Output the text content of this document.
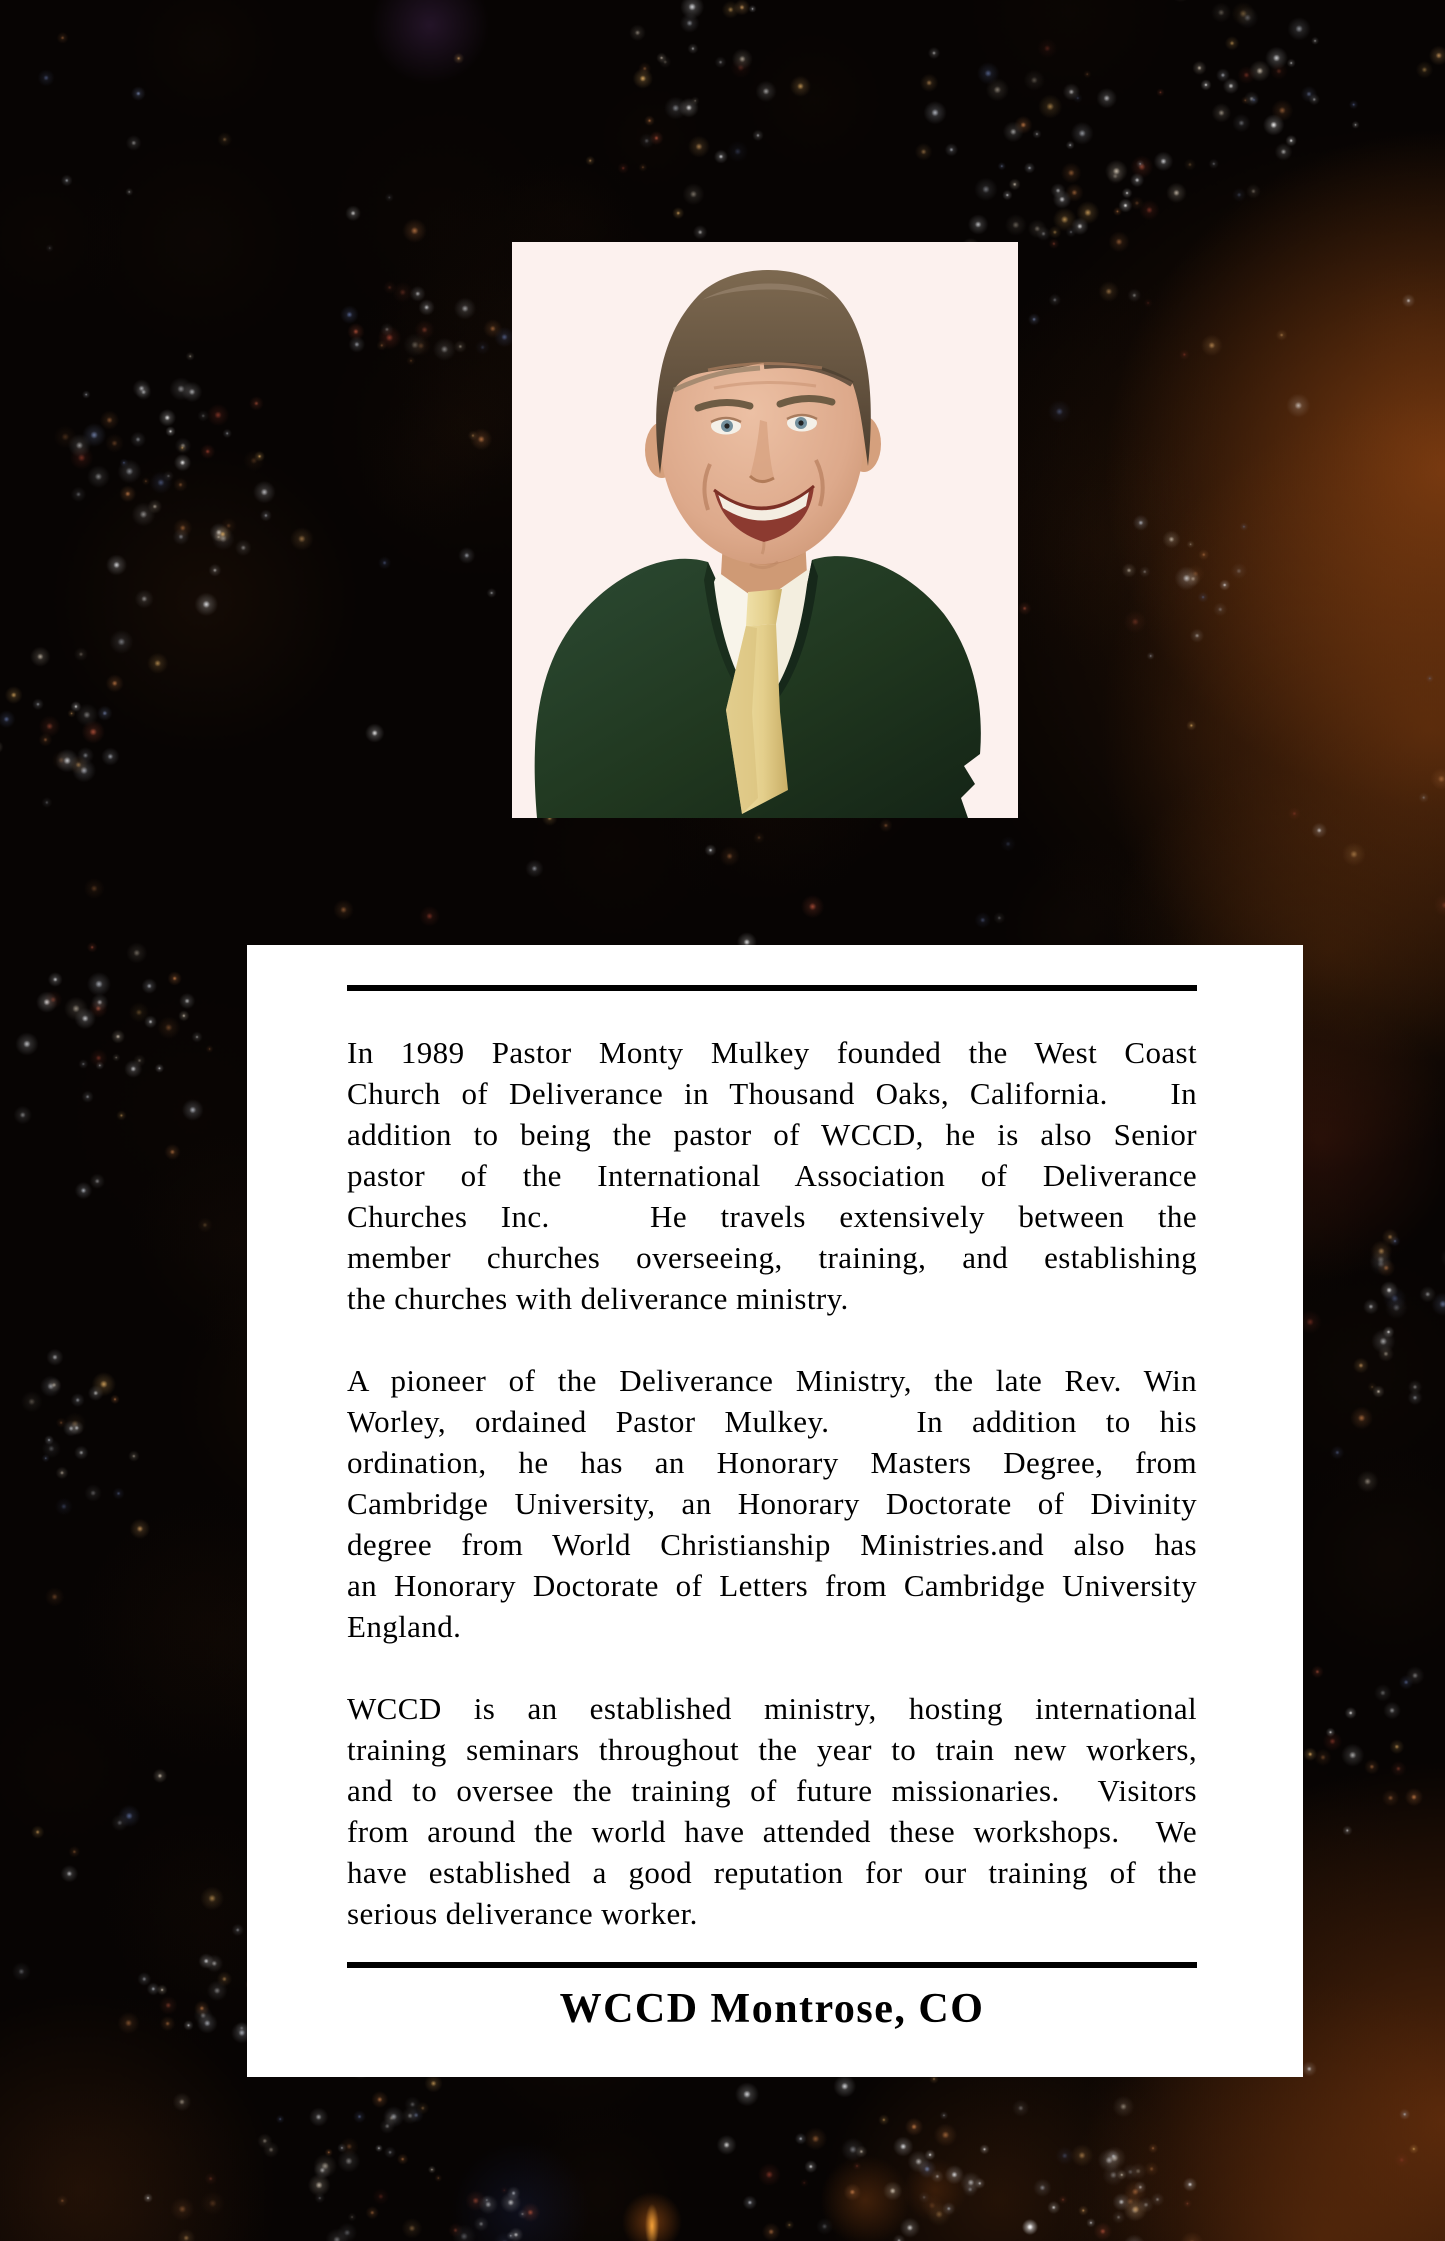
In 1989 Pastor Monty Mulkey founded the West Coast
Church of Deliverance in Thousand Oaks, California.   In
addition to being the pastor of WCCD, he is also Senior
pastor of the International Association of Deliverance
Churches Inc.   He travels extensively between the
member churches overseeing, training, and establishing
the churches with deliverance ministry.
A pioneer of the Deliverance Ministry, the late Rev. Win
Worley, ordained Pastor Mulkey.   In addition to his
ordination, he has an Honorary Masters Degree, from
Cambridge University, an Honorary Doctorate of Divinity
degree from World Christianship Ministries.and also has
an Honorary Doctorate of Letters from Cambridge University
England.
WCCD is an established ministry, hosting international
training seminars throughout the year to train new workers,
and to oversee the training of future missionaries.  Visitors
from around the world have attended these workshops.  We
have established a good reputation for our training of the
serious deliverance worker.
WCCD Montrose, CO
